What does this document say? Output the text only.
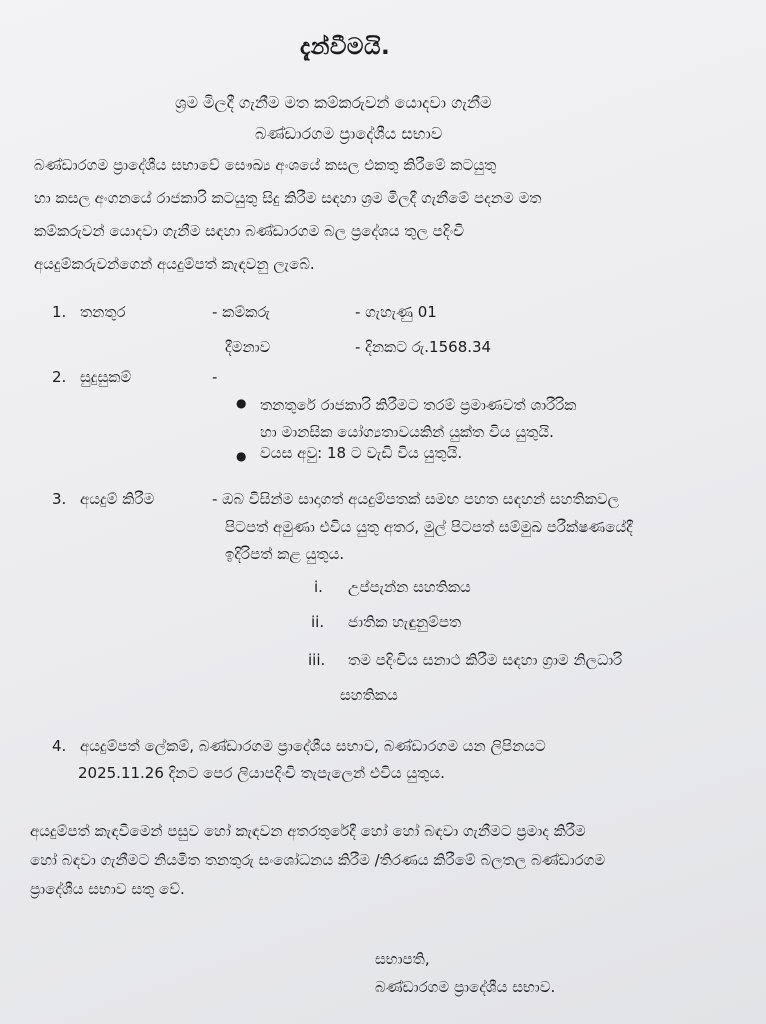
දැන්වීමයි.
ශ්‍රම මිලදී ගැනීම මත කම්කරුවන් යොදවා ගැනීම
බණ්ඩාරගම ප්‍රාදේශීය සභාව
බණ්ඩාරගම ප්‍රාදේශීය සභාවේ සෞඛ්‍ය අංශයේ කසල එකතු කිරීමේ කටයුතු
හා කසල අංගනයේ රාජකාරි කටයුතු සිදු කිරීම සඳහා ශ්‍රම මිලදී ගැනීමේ පදනම මත
කම්කරුවන් යොදවා ගැනීම සඳහා බණ්ඩාරගම බල ප්‍රදේශය තුල පදිංචි
අයදුම්කරුවන්ගෙන් අයදුම්පත් කැඳවනු ලැබේ.
1. තනතුර	- කම්කරු	- ගැහැණු 01
දීමනාව	- දිනකට රු.1568.34
2. සුදුසුකම්	-
● තනතුරේ රාජකාරි කිරීමට තරම් ප්‍රමාණවත් ශාරීරික
හා මානසික යෝග්‍යතාවයකින් යුක්ත විය යුතුයි.
● වයස අවු: 18 ට වැඩි විය යුතුයි.
3. අයදුම් කිරීම	- ඔබ විසින්ම සාදාගත් අයදුම්පතක් සමඟ පහත සඳහන් සහතිකවල
පිටපත් අමුණා එවිය යුතු අතර, මුල් පිටපත් සම්මුඛ පරීක්ෂණයේදී
ඉදිරිපත් කළ යුතුය.
i. උප්පැන්න සහතිකය
ii. ජාතික හැඳුනුම්පත
iii. තම පදිංචිය සනාථ කිරීම සඳහා ග්‍රාම නිලධාරි
සහතිකය
4. අයදුම්පත් ලේකම්, බණ්ඩාරගම ප්‍රාදේශීය සභාව, බණ්ඩාරගම යන ලිපිනයට
2025.11.26 දිනට පෙර ලියාපදිංචි තැපැලෙන් එවිය යුතුය.
අයදුම්පත් කැඳවීමෙන් පසුව හෝ කැඳවන අතරතුරේදී හෝ හෝ බඳවා ගැනීමට ප්‍රමාද කිරීම
හෝ බඳවා ගැනීමට නියමිත තනතුරු සංශෝධනය කිරීම /තිරණය කිරීමේ බලතල බණ්ඩාරගම
ප්‍රාදේශීය සභාව සතු වේ.
සභාපති,
බණ්ඩාරගම ප්‍රාදේශීය සභාව.
